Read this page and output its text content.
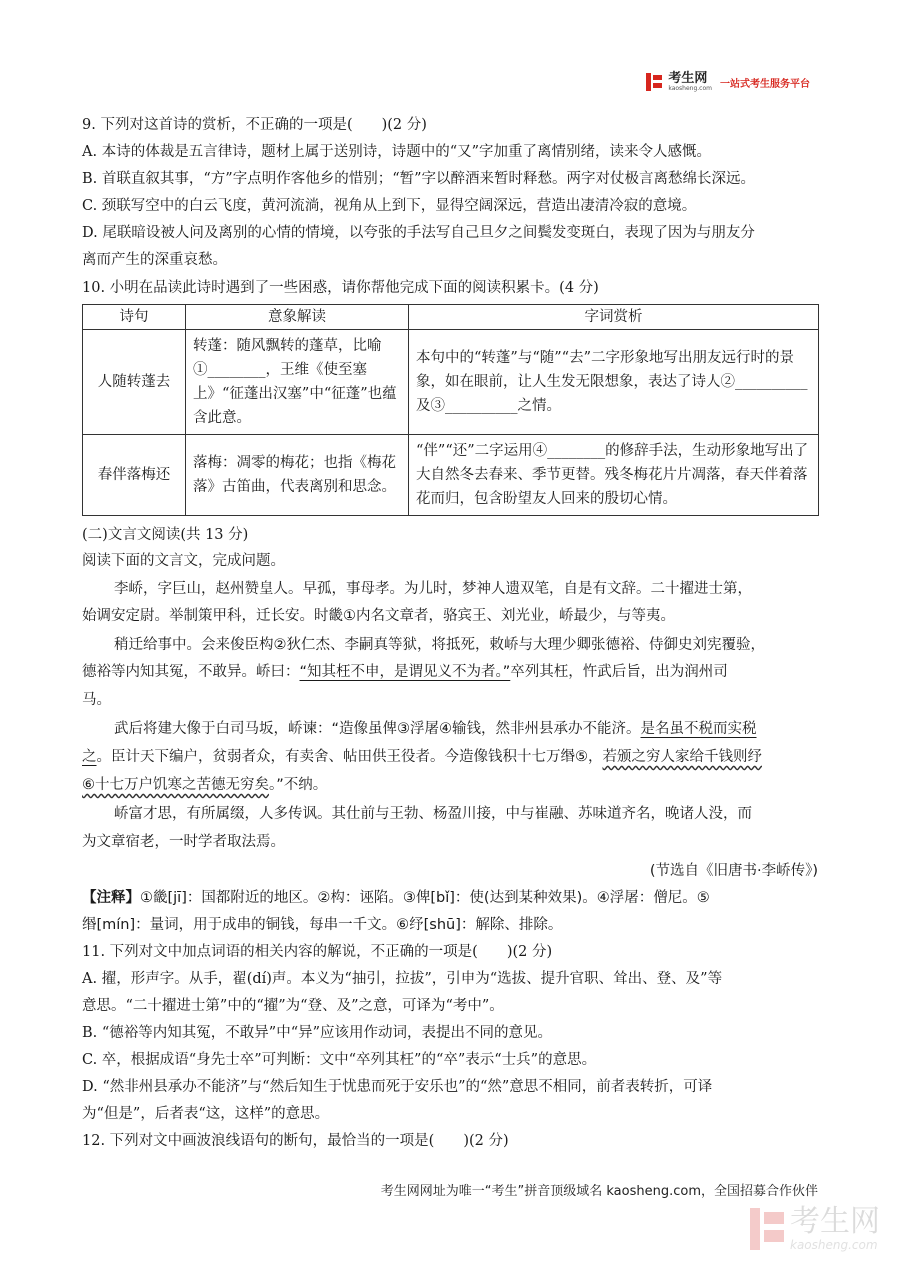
考生网
kaosheng.com 一站式考生服务平台
9. 下列对这首诗的赏析，不正确的一项是(　　)(2 分)
A. 本诗的体裁是五言律诗，题材上属于送别诗，诗题中的“又”字加重了离情别绪，读来令人感慨。
B. 首联直叙其事，“方”字点明作客他乡的惜别；“暂”字以醉酒来暂时释愁。两字对仗极言离愁绵长深远。
C. 颈联写空中的白云飞度，黄河流淌，视角从上到下，显得空阔深远，营造出凄清冷寂的意境。
D. 尾联暗设被人问及离别的心情的情境，以夸张的手法写自己旦夕之间鬓发变斑白，表现了因为与朋友分
离而产生的深重哀愁。
10. 小明在品读此诗时遇到了一些困惑，请你帮他完成下面的阅读积累卡。(4 分)
诗句	意象解读	字词赏析
人随转蓬去	转蓬：随风飘转的蓬草，比喻①________，王维《使至塞上》“征蓬出汉塞”中“征蓬”也蕴含此意。	本句中的“转蓬”与“随”“去”二字形象地写出朋友远行时的景象，如在眼前，让人生发无限想象，表达了诗人②__________及③__________之情。
春伴落梅还	落梅：凋零的梅花；也指《梅花落》古笛曲，代表离别和思念。	“伴”“还”二字运用④________的修辞手法，生动形象地写出了大自然冬去春来、季节更替。残冬梅花片片凋落，春天伴着落花而归，包含盼望友人回来的殷切心情。
(二)文言文阅读(共 13 分)
阅读下面的文言文，完成问题。
李峤，字巨山，赵州赞皇人。早孤，事母孝。为儿时，梦神人遗双笔，自是有文辞。二十擢进士第，
始调安定尉。举制策甲科，迁长安。时畿①内名文章者，骆宾王、刘光业，峤最少，与等夷。
稍迁给事中。会来俊臣构②狄仁杰、李嗣真等狱，将抵死，敕峤与大理少卿张德裕、侍御史刘宪覆验，
德裕等内知其冤，不敢异。峤曰：“知其枉不申，是谓见义不为者。”卒列其枉，忤武后旨，出为润州司
马。
武后将建大像于白司马坂，峤谏：“造像虽俾③浮屠④输钱，然非州县承办不能济。是名虽不税而实税
之。臣计天下编户，贫弱者众，有卖舍、帖田供王役者。今造像钱积十七万缗⑤，若颁之穷人家给千钱则纾
⑥十七万户饥寒之苦德无穷矣。”不纳。
峤富才思，有所属缀，人多传讽。其仕前与王勃、杨盈川接，中与崔融、苏味道齐名，晚诸人没，而
为文章宿老，一时学者取法焉。
(节选自《旧唐书·李峤传》)
【注释】①畿[jī]：国都附近的地区。②构：诬陷。③俾[bǐ]：使(达到某种效果)。④浮屠：僧尼。⑤
缗[mín]：量词，用于成串的铜钱，每串一千文。⑥纾[shū]：解除、排除。
11. 下列对文中加点词语的相关内容的解说，不正确的一项是(　　)(2 分)
A. 擢，形声字。从手，翟(dí)声。本义为“抽引，拉拔”，引申为“选拔、提升官职、耸出、登、及”等
意思。“二十擢进士第”中的“擢”为“登、及”之意，可译为“考中”。
B. “德裕等内知其冤，不敢异”中“异”应该用作动词，表提出不同的意见。
C. 卒，根据成语“身先士卒”可判断：文中“卒列其枉”的“卒”表示“士兵”的意思。
D. “然非州县承办不能济”与“然后知生于忧患而死于安乐也”的“然”意思不相同，前者表转折，可译
为“但是”，后者表“这，这样”的意思。
12. 下列对文中画波浪线语句的断句，最恰当的一项是(　　)(2 分)
考生网网址为唯一“考生”拼音顶级域名 kaosheng.com，全国招募合作伙伴
考生网
kaosheng.com
